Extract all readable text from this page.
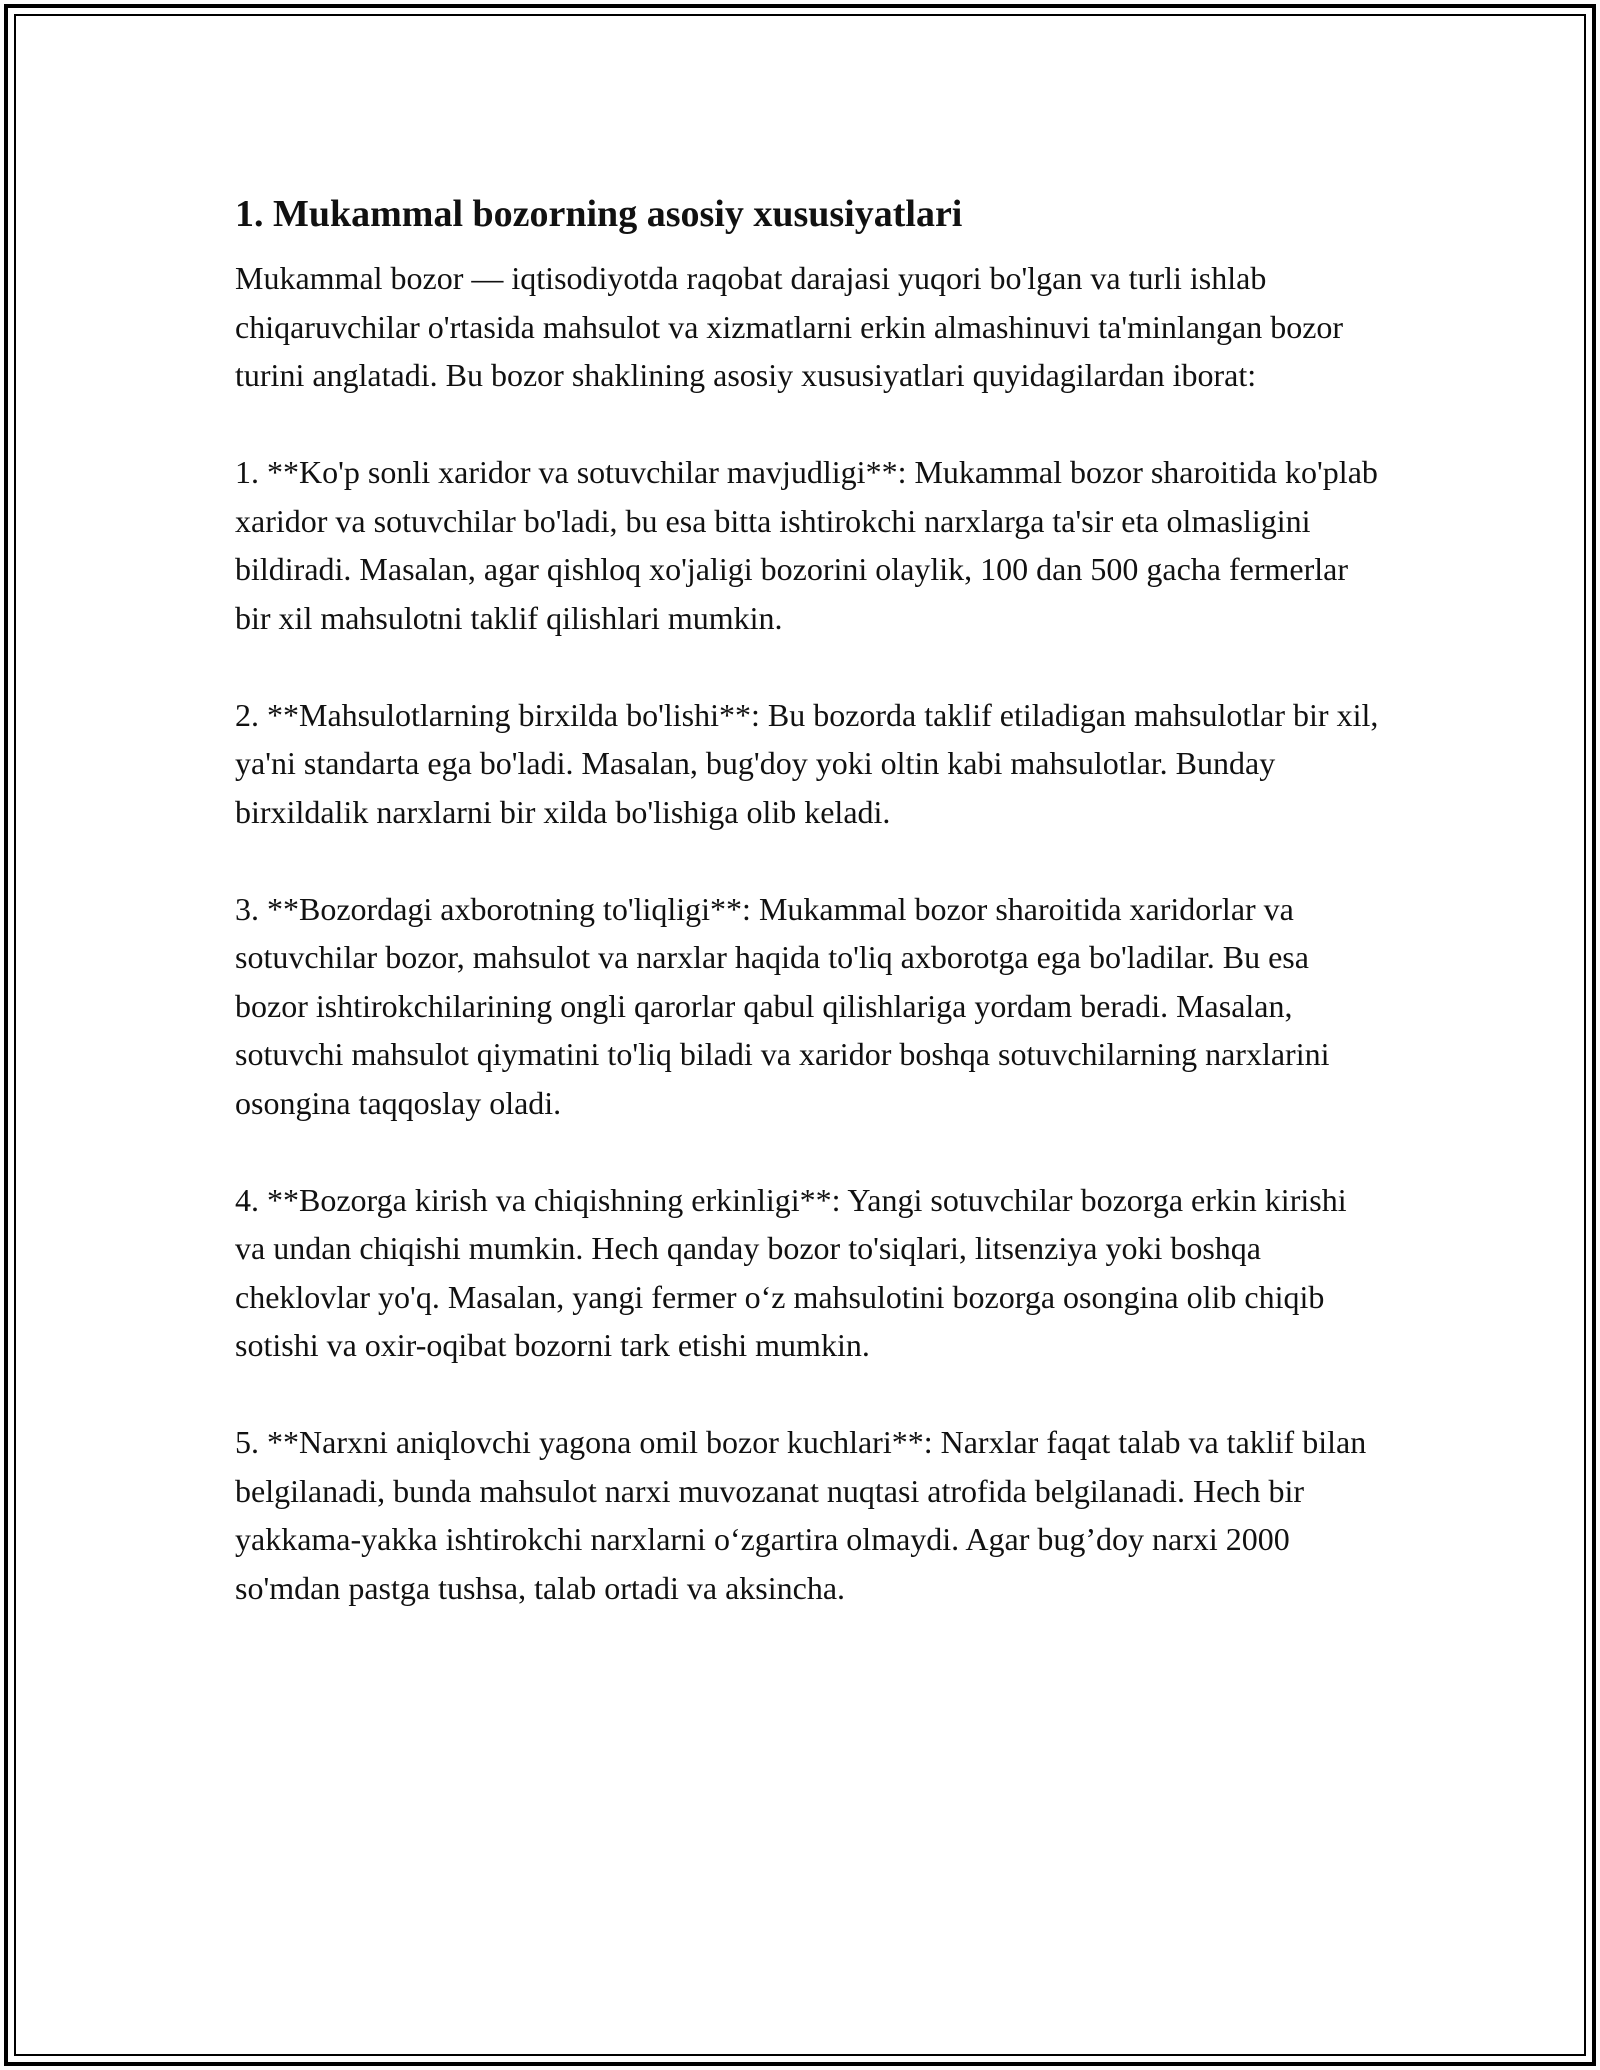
1. Mukammal bozorning asosiy xususiyatlari

Mukammal bozor — iqtisodiyotda raqobat darajasi yuqori bo'lgan va turli ishlab chiqaruvchilar o'rtasida mahsulot va xizmatlarni erkin almashinuvi ta'minlangan bozor turini anglatadi. Bu bozor shaklining asosiy xususiyatlari quyidagilardan iborat:

1. **Ko'p sonli xaridor va sotuvchilar mavjudligi**: Mukammal bozor sharoitida ko'plab xaridor va sotuvchilar bo'ladi, bu esa bitta ishtirokchi narxlarga ta'sir eta olmasligini bildiradi. Masalan, agar qishloq xo'jaligi bozorini olaylik, 100 dan 500 gacha fermerlar bir xil mahsulotni taklif qilishlari mumkin.

2. **Mahsulotlarning birxilda bo'lishi**: Bu bozorda taklif etiladigan mahsulotlar bir xil, ya'ni standarta ega bo'ladi. Masalan, bug'doy yoki oltin kabi mahsulotlar. Bunday birxildalik narxlarni bir xilda bo'lishiga olib keladi.

3. **Bozordagi axborotning to'liqligi**: Mukammal bozor sharoitida xaridorlar va sotuvchilar bozor, mahsulot va narxlar haqida to'liq axborotga ega bo'ladilar. Bu esa bozor ishtirokchilarining ongli qarorlar qabul qilishlariga yordam beradi. Masalan, sotuvchi mahsulot qiymatini to'liq biladi va xaridor boshqa sotuvchilarning narxlarini osongina taqqoslay oladi.

4. **Bozorga kirish va chiqishning erkinligi**: Yangi sotuvchilar bozorga erkin kirishi va undan chiqishi mumkin. Hech qanday bozor to'siqlari, litsenziya yoki boshqa cheklovlar yo'q. Masalan, yangi fermer o‘z mahsulotini bozorga osongina olib chiqib sotishi va oxir-oqibat bozorni tark etishi mumkin.

5. **Narxni aniqlovchi yagona omil bozor kuchlari**: Narxlar faqat talab va taklif bilan belgilanadi, bunda mahsulot narxi muvozanat nuqtasi atrofida belgilanadi. Hech bir yakkama-yakka ishtirokchi narxlarni o‘zgartira olmaydi. Agar bug’doy narxi 2000 so'mdan pastga tushsa, talab ortadi va aksincha.
